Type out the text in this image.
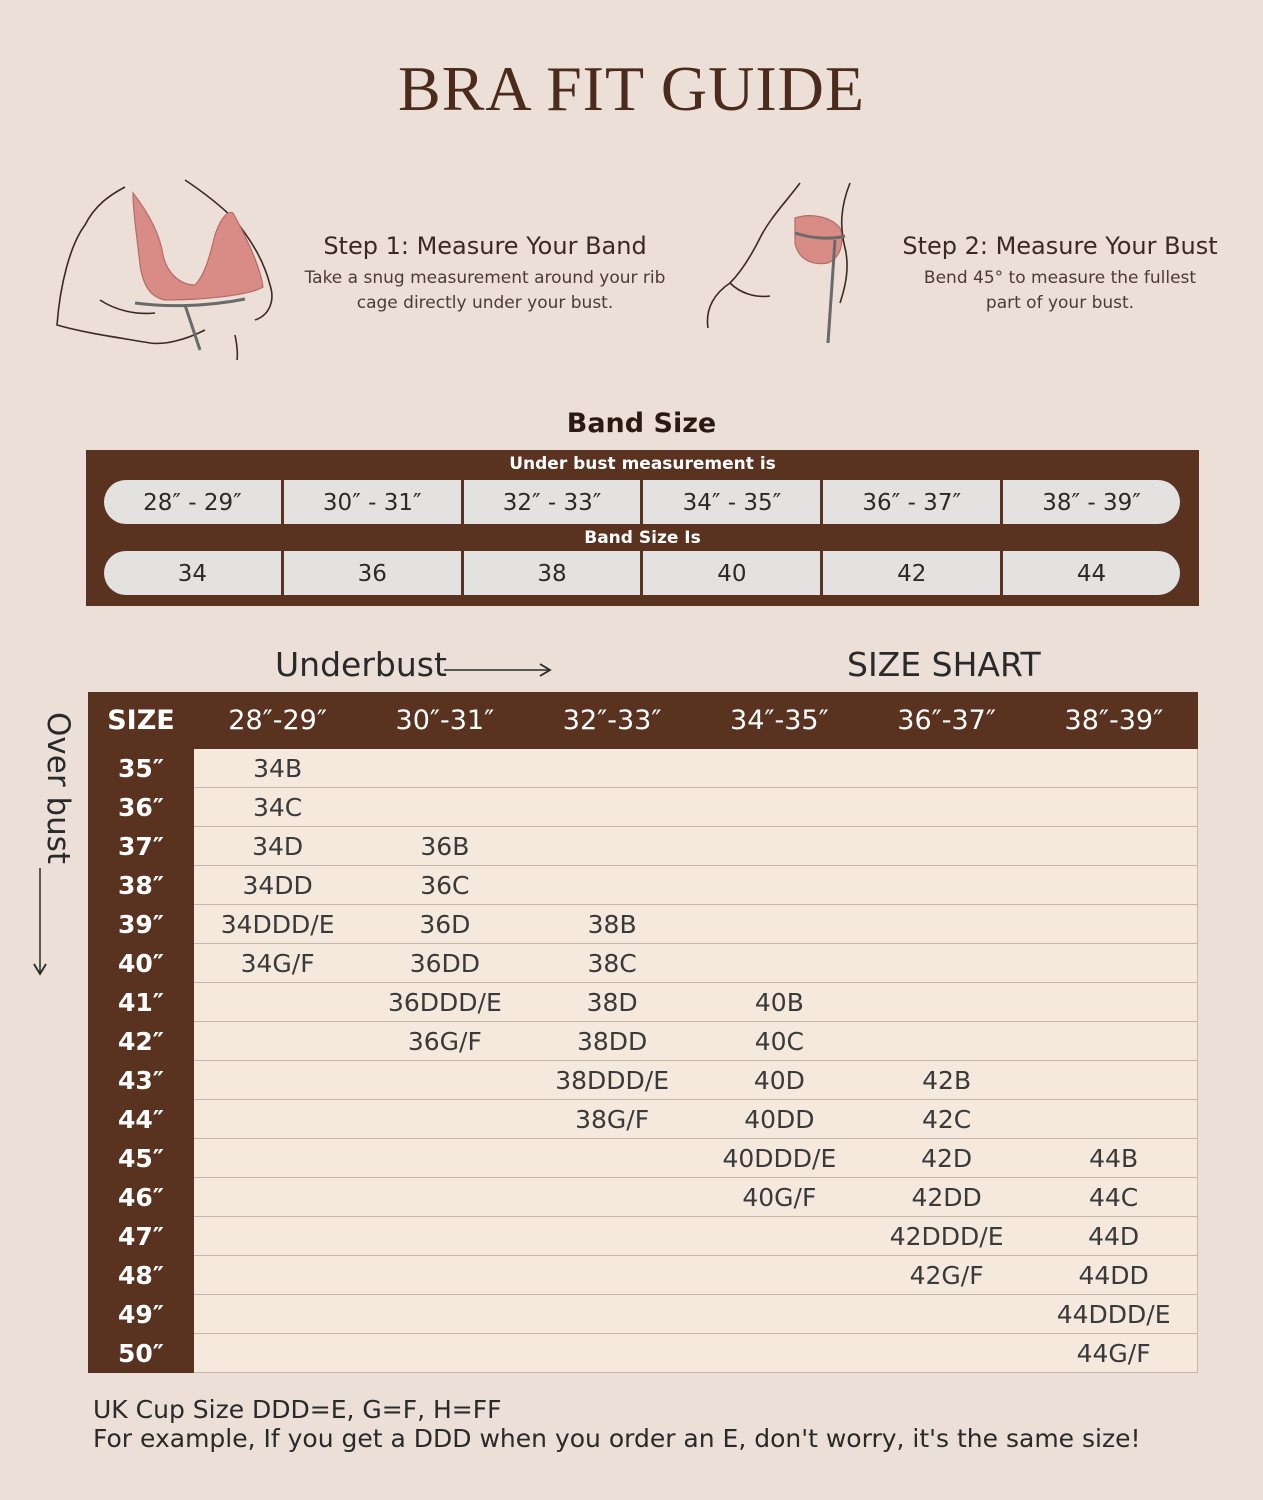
BRA FIT GUIDE
Step 1: Measure Your Band

Take a snug measurement around your rib
cage directly under your bust.

Step 2: Measure Your Bust

Bend 45° to measure the fullest
part of your bust.

Band Size
Under bust measurement is
28″ - 29″	30″ - 31″	32″ - 33″	34″ - 35″	36″ - 37″	38″ - 39″
Band Size Is
34	36	38	40	42	44
Underbust	SIZE SHART
Over bust SIZE	28″-29″	30″-31″	32″-33″	34″-35″	36″-37″	38″-39″
35″	34B					
36″	34C					
37″	34D	36B				
38″	34DD	36C				
39″	34DDD/E	36D	38B			
40″	34G/F	36DD	38C			
41″		36DDD/E	38D	40B		
42″		36G/F	38DD	40C		
43″			38DDD/E	40D	42B	
44″			38G/F	40DD	42C	
45″				40DDD/E	42D	44B
46″				40G/F	42DD	44C
47″					42DDD/E	44D
48″					42G/F	44DD
49″						44DDD/E
50″						44G/F
UK Cup Size DDD=E, G=F, H=FF
For example, If you get a DDD when you order an E, don't worry, it's the same size!
